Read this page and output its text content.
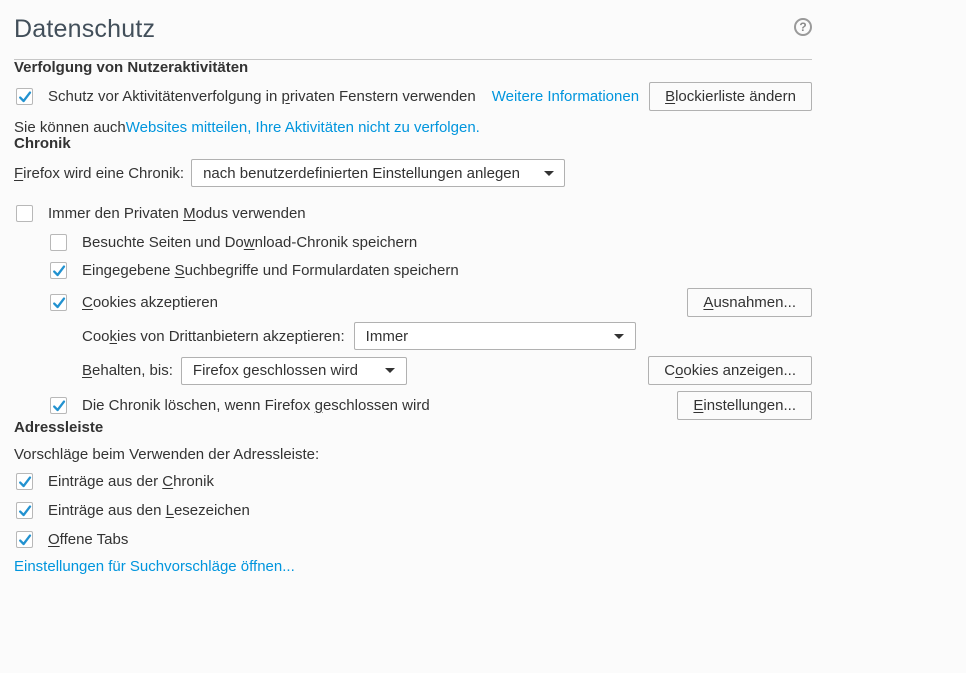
Datenschutz	?
Verfolgung von Nutzeraktivitäten
Schutz vor Aktivitätenverfolgung in privaten Fenstern verwenden Weitere Informationen	Blockierliste ändern
Sie können auch Websites mitteilen, Ihre Aktivitäten nicht zu verfolgen.
Chronik
Firefox wird eine Chronik: nach benutzerdefinierten Einstellungen anlegen
Immer den Privaten Modus verwenden
Besuchte Seiten und Download-Chronik speichern
Eingegebene Suchbegriffe und Formulardaten speichern
Cookies akzeptieren	Ausnahmen...
Cookies von Drittanbietern akzeptieren: Immer
Behalten, bis: Firefox geschlossen wird	Cookies anzeigen...
Die Chronik löschen, wenn Firefox geschlossen wird	Einstellungen...
Adressleiste
Vorschläge beim Verwenden der Adressleiste:
Einträge aus der Chronik
Einträge aus den Lesezeichen
Offene Tabs
Einstellungen für Suchvorschläge öffnen...
